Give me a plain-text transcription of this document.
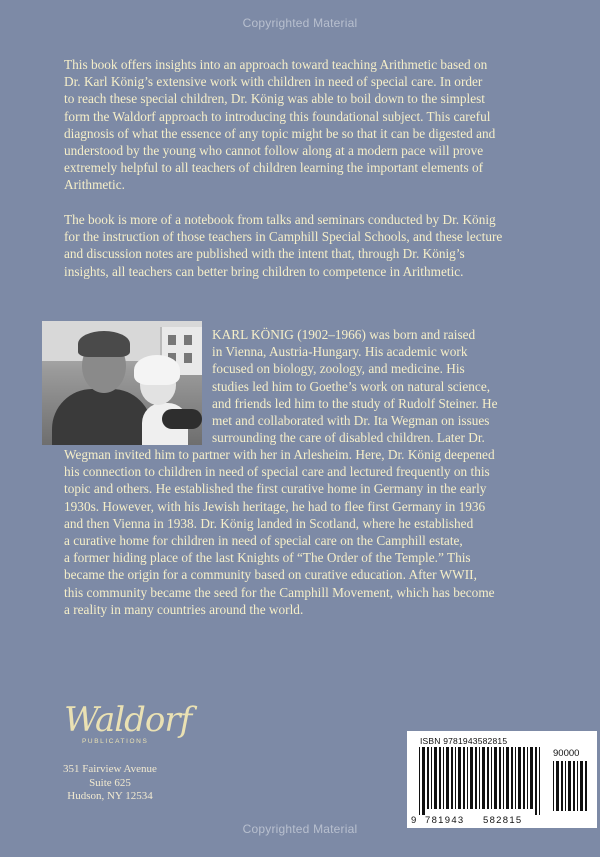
Copyrighted Material
This book offers insights into an approach toward teaching Arithmetic based on
Dr. Karl König’s extensive work with children in need of special care. In order
to reach these special children, Dr. König was able to boil down to the simplest
form the Waldorf approach to introducing this foundational subject. This careful
diagnosis of what the essence of any topic might be so that it can be digested and
understood by the young who cannot follow along at a modern pace will prove
extremely helpful to all teachers of children learning the important elements of
Arithmetic.
The book is more of a notebook from talks and seminars conducted by Dr. König
for the instruction of those teachers in Camphill Special Schools, and these lecture
and discussion notes are published with the intent that, through Dr. König’s
insights, all teachers can better bring children to competence in Arithmetic.
KARL KÖNIG (1902–1966) was born and raised
in Vienna, Austria-Hungary. His academic work
focused on biology, zoology, and medicine. His
studies led him to Goethe’s work on natural science,
and friends led him to the study of Rudolf Steiner. He
met and collaborated with Dr. Ita Wegman on issues
surrounding the care of disabled children. Later Dr.
Wegman invited him to partner with her in Arlesheim. Here, Dr. König deepened
his connection to children in need of special care and lectured frequently on this
topic and others. He established the first curative home in Germany in the early
1930s. However, with his Jewish heritage, he had to flee first Germany in 1936
and then Vienna in 1938. Dr. König landed in Scotland, where he established
a curative home for children in need of special care on the Camphill estate,
a former hiding place of the last Knights of “The Order of the Temple.” This
became the origin for a community based on curative education. After WWII,
this community became the seed for the Camphill Movement, which has become
a reality in many countries around the world.
Waldorf
PUBLICATIONS
351 Fairview Avenue
Suite 625
Hudson, NY 12534
ISBN 9781943582815
90000
9 781943 582815
Copyrighted Material
